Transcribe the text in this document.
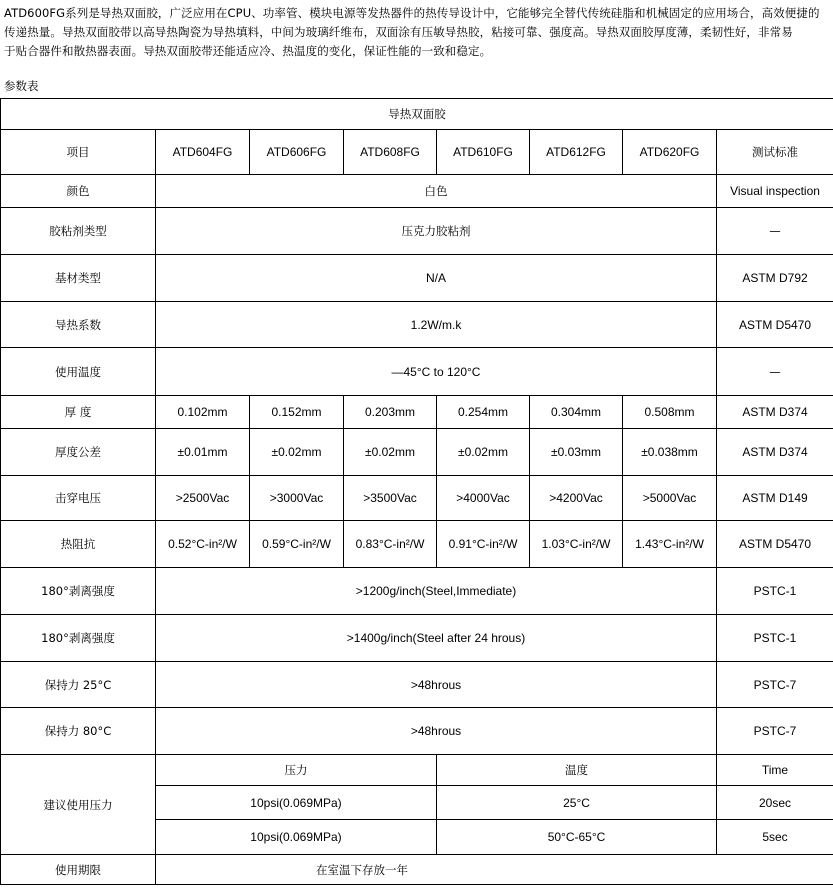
ATD600FG系列是导热双面胶，广泛应用在CPU、功率管、模块电源等发热器件的热传导设计中，它能够完全替代传统硅脂和机械固定的应用场合，高效便捷的

传递热量。导热双面胶带以高导热陶瓷为导热填料，中间为玻璃纤维布，双面涂有压敏导热胶，粘接可靠、强度高。导热双面胶厚度薄，柔韧性好，非常易

于贴合器件和散热器表面。导热双面胶带还能适应冷、热温度的变化，保证性能的一致和稳定。

参数表
导热双面胶							
项目	ATD604FG	ATD606FG	ATD608FG	ATD610FG	ATD612FG	ATD620FG	测试标准
颜色	白色						Visual inspection
胶粘剂类型	压克力胶粘剂						—
基材类型	N/A						ASTM D792
导热系数	1.2W/m.k						ASTM D5470
使用温度	—45°C to 120°C						—
厚 度	0.102mm	0.152mm	0.203mm	0.254mm	0.304mm	0.508mm	ASTM D374
厚度公差	±0.01mm	±0.02mm	±0.02mm	±0.02mm	±0.03mm	±0.038mm	ASTM D374
击穿电压	>2500Vac	>3000Vac	>3500Vac	>4000Vac	>4200Vac	>5000Vac	ASTM D149
热阻抗	0.52°C-in²/W	0.59°C-in²/W	0.83°C-in²/W	0.91°C-in²/W	1.03°C-in²/W	1.43°C-in²/W	ASTM D5470
180°剥离强度	>1200g/inch(Steel,Immediate)						PSTC-1
180°剥离强度	>1400g/inch(Steel after 24 hrous)						PSTC-1
保持力 25°C	>48hrous						PSTC-7
保持力 80°C	>48hrous						PSTC-7
建议使用压力	压力			温度			Time
	10psi(0.069MPa)			25°C			20sec
	10psi(0.069MPa)			50°C-65°C			5sec
使用期限	在室温下存放一年						
